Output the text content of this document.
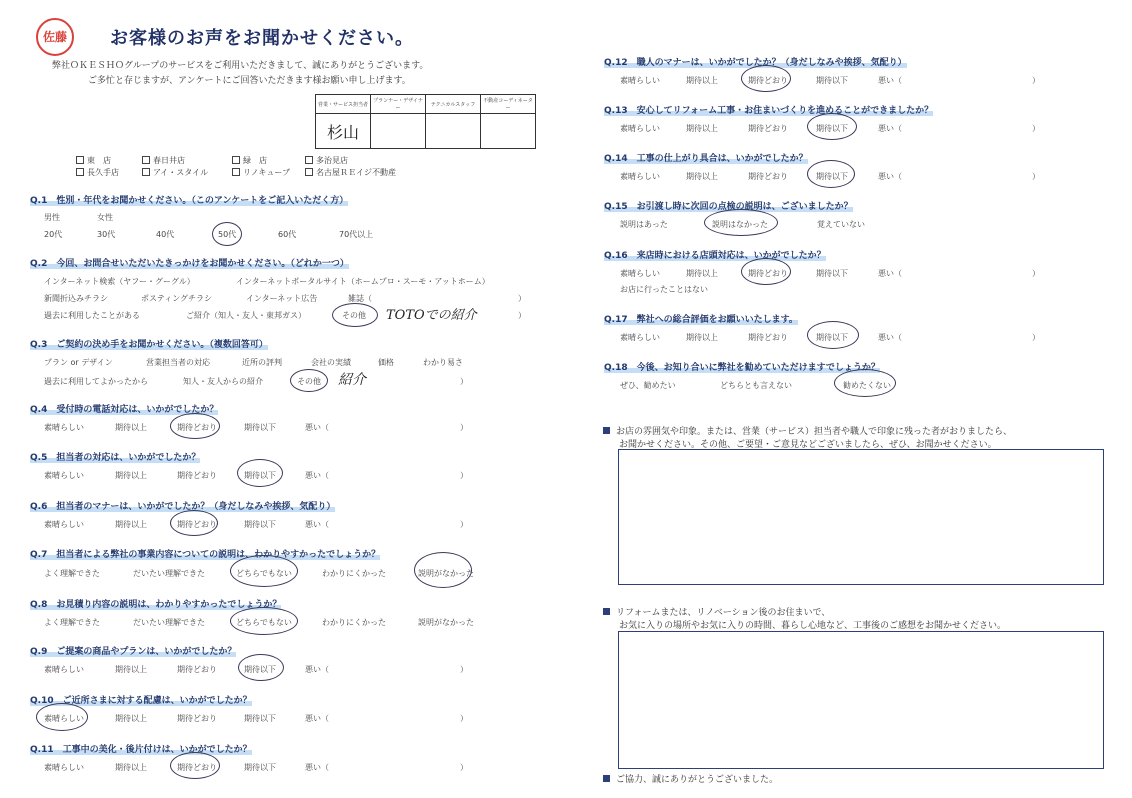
佐藤 お客様のお声をお聞かせください。
弊社ＯＫＥＳＨＯグループのサービスをご利用いただきまして、誠にありがとうございます。
ご多忙と存じますが、アンケートにご回答いただきます様お願い申し上げます。
営業・サービス担当者	プランナー・デザイナー	テクニカルスタッフ	不動産コーディネーター
杉山			
東　店	春日井店	緑　店	多治見店
長久手店	アイ・スタイル	リノキューブ	名古屋ＲＥイジ不動産
Q.1　性別・年代をお聞かせください。（このアンケートをご記入いただく方）
男性	女性
20代	30代	40代	50代	60代	70代以上
Q.2　今回、お問合せいただいたきっかけをお聞かせください。（どれか一つ）
インターネット検索（ヤフー・グーグル）	インターネットポータルサイト（ホームプロ・スーモ・アットホーム）
新聞折込みチラシ	ポスティングチラシ	インターネット広告	雑誌（	）
過去に利用したことがある	ご紹介（知人・友人・東邦ガス）	その他 TOTOでの紹介	）
Q.3　ご契約の決め手をお聞かせください。（複数回答可）
プラン or デザイン	営業担当者の対応	近所の評判	会社の実績	価格	わかり易さ
過去に利用してよかったから	知人・友人からの紹介	その他 紹介	）
Q.4　受付時の電話対応は、いかがでしたか？
素晴らしい	期待以上	期待どおり	期待以下	悪い（	）
Q.5　担当者の対応は、いかがでしたか？
素晴らしい	期待以上	期待どおり	期待以下	悪い（	）
Q.6　担当者のマナーは、いかがでしたか？（身だしなみや挨拶、気配り）
素晴らしい	期待以上	期待どおり	期待以下	悪い（	）
Q.7　担当者による弊社の事業内容についての説明は、わかりやすかったでしょうか？
よく理解できた	だいたい理解できた	どちらでもない	わかりにくかった	説明がなかった
Q.8　お見積り内容の説明は、わかりやすかったでしょうか？
よく理解できた	だいたい理解できた	どちらでもない	わかりにくかった	説明がなかった
Q.9　ご提案の商品やプランは、いかがでしたか？
素晴らしい	期待以上	期待どおり	期待以下	悪い（	）
Q.10　ご近所さまに対する配慮は、いかがでしたか？
素晴らしい	期待以上	期待どおり	期待以下	悪い（	）
Q.11　工事中の美化・後片付けは、いかがでしたか？
素晴らしい	期待以上	期待どおり	期待以下	悪い（	）
Q.12　職人のマナーは、いかがでしたか？（身だしなみや挨拶、気配り）
素晴らしい	期待以上	期待どおり	期待以下	悪い（	）
Q.13　安心してリフォーム工事・お住まいづくりを進めることができましたか？
素晴らしい	期待以上	期待どおり	期待以下	悪い（	）
Q.14　工事の仕上がり具合は、いかがでしたか？
素晴らしい	期待以上	期待どおり	期待以下	悪い（	）
Q.15　お引渡し時に次回の点検の説明は、ございましたか？
説明はあった	説明はなかった	覚えていない
Q.16　来店時における店頭対応は、いかがでしたか？
素晴らしい	期待以上	期待どおり	期待以下	悪い（	）
お店に行ったことはない
Q.17　弊社への総合評価をお願いいたします。
素晴らしい	期待以上	期待どおり	期待以下	悪い（	）
Q.18　今後、お知り合いに弊社を勧めていただけますでしょうか？
ぜひ、勧めたい	どちらとも言えない	勧めたくない
お店の雰囲気や印象。または、営業（サービス）担当者や職人で印象に残った者がおりましたら、
お聞かせください。その他、ご要望・ご意見などございましたら、ぜひ、お聞かせください。
リフォームまたは、リノベーション後のお住まいで、
お気に入りの場所やお気に入りの時間、暮らし心地など、工事後のご感想をお聞かせください。
ご協力、誠にありがとうございました。
